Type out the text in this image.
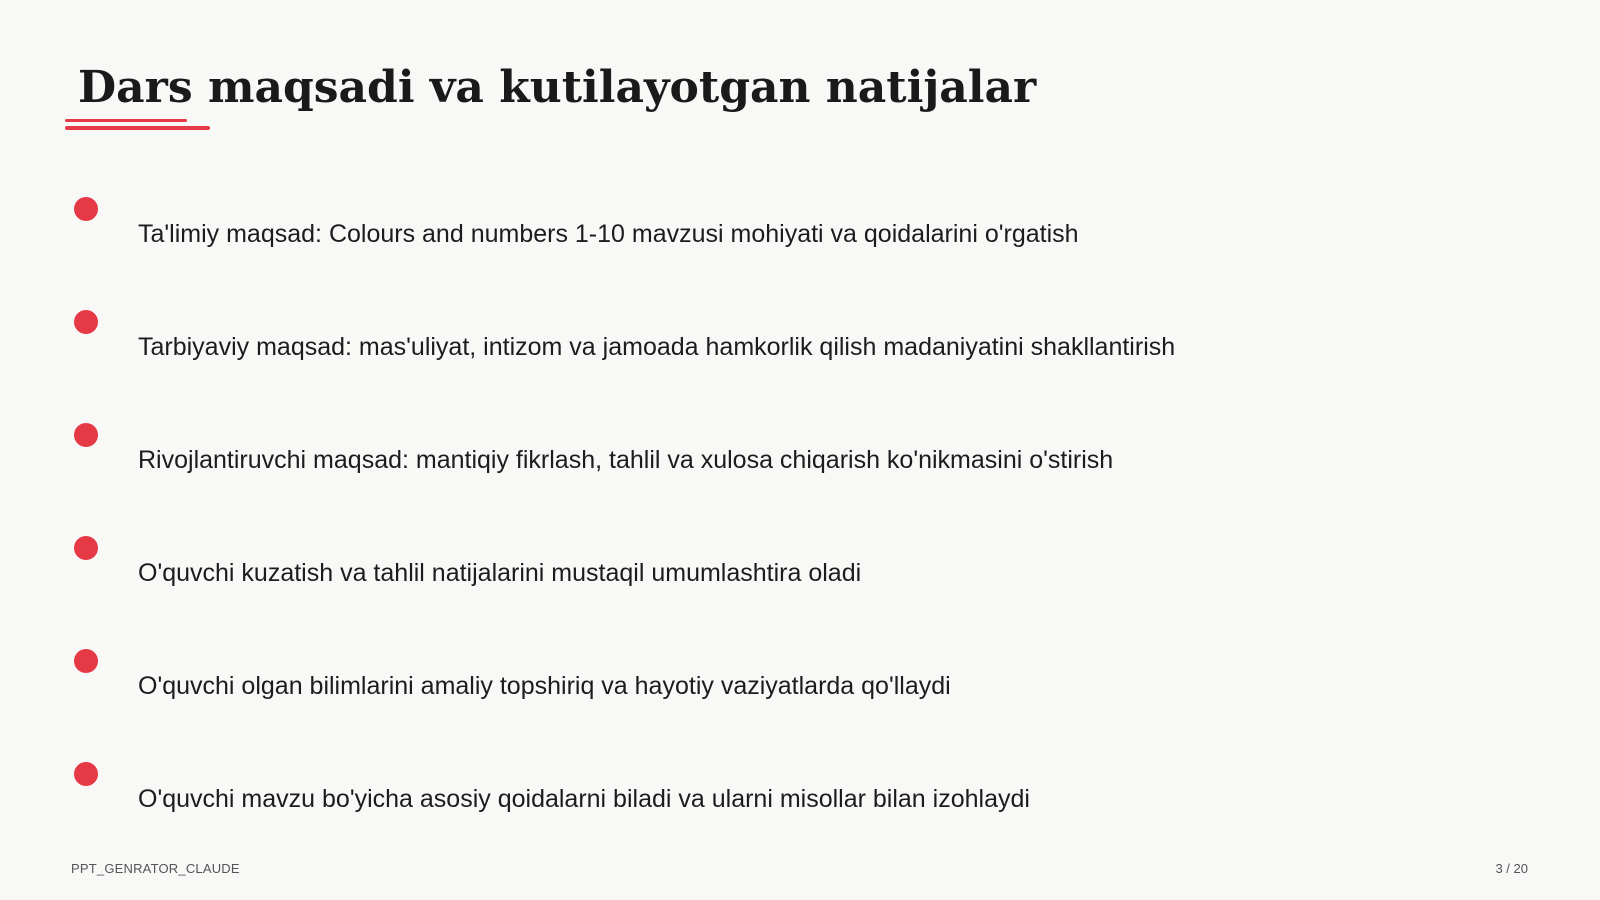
Dars maqsadi va kutilayotgan natijalar
Ta'limiy maqsad: Colours and numbers 1-10 mavzusi mohiyati va qoidalarini o'rgatish
Tarbiyaviy maqsad: mas'uliyat, intizom va jamoada hamkorlik qilish madaniyatini shakllantirish
Rivojlantiruvchi maqsad: mantiqiy fikrlash, tahlil va xulosa chiqarish ko'nikmasini o'stirish
O'quvchi kuzatish va tahlil natijalarini mustaqil umumlashtira oladi
O'quvchi olgan bilimlarini amaliy topshiriq va hayotiy vaziyatlarda qo'llaydi
O'quvchi mavzu bo'yicha asosiy qoidalarni biladi va ularni misollar bilan izohlaydi
PPT_GENRATOR_CLAUDE	3 / 20
